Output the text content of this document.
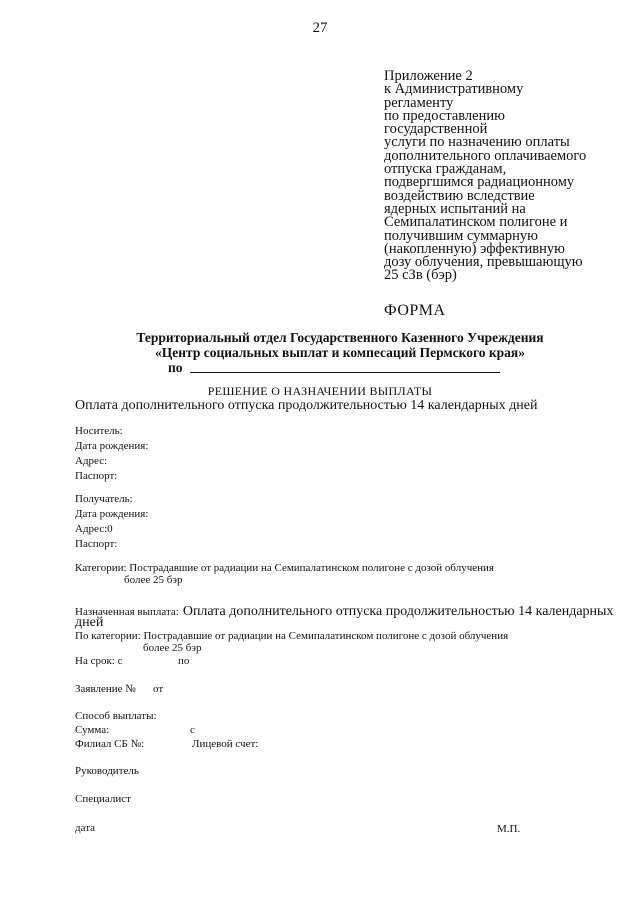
27
Приложение 2
к Административному
регламенту
по предоставлению
государственной
услуги по назначению оплаты
дополнительного оплачиваемого
отпуска гражданам,
подвергшимся радиационному
воздействию вследствие
ядерных испытаний на
Семипалатинском полигоне и
получившим суммарную
(накопленную) эффективную
дозу облучения, превышающую
25 сЗв (бэр)
ФОРМА
Территориальный отдел Государственного Казенного Учреждения
«Центр социальных выплат и компесаций Пермского края»
по
РЕШЕНИЕ О НАЗНАЧЕНИИ ВЫПЛАТЫ
Оплата дополнительного отпуска продолжительностью 14 календарных дней
Носитель:
Дата рождения:
Адрес:
Паспорт:
Получатель:
Дата рождения:
Адрес:0
Паспорт:
Категории: Пострадавшие от радиации на Семипалатинском полигоне с дозой облучения
более 25 бэр
Назначенная выплата: Оплата дополнительного отпуска продолжительностью 14 календарных
дней
По категории: Пострадавшие от радиации на Семипалатинском полигоне с дозой облучения
более 25 бэр
На срок: с	по
Заявление № от
Способ выплаты:
Сумма:	с
Филиал СБ №:	Лицевой счет:
Руководитель
Специалист
дата	М.П.
